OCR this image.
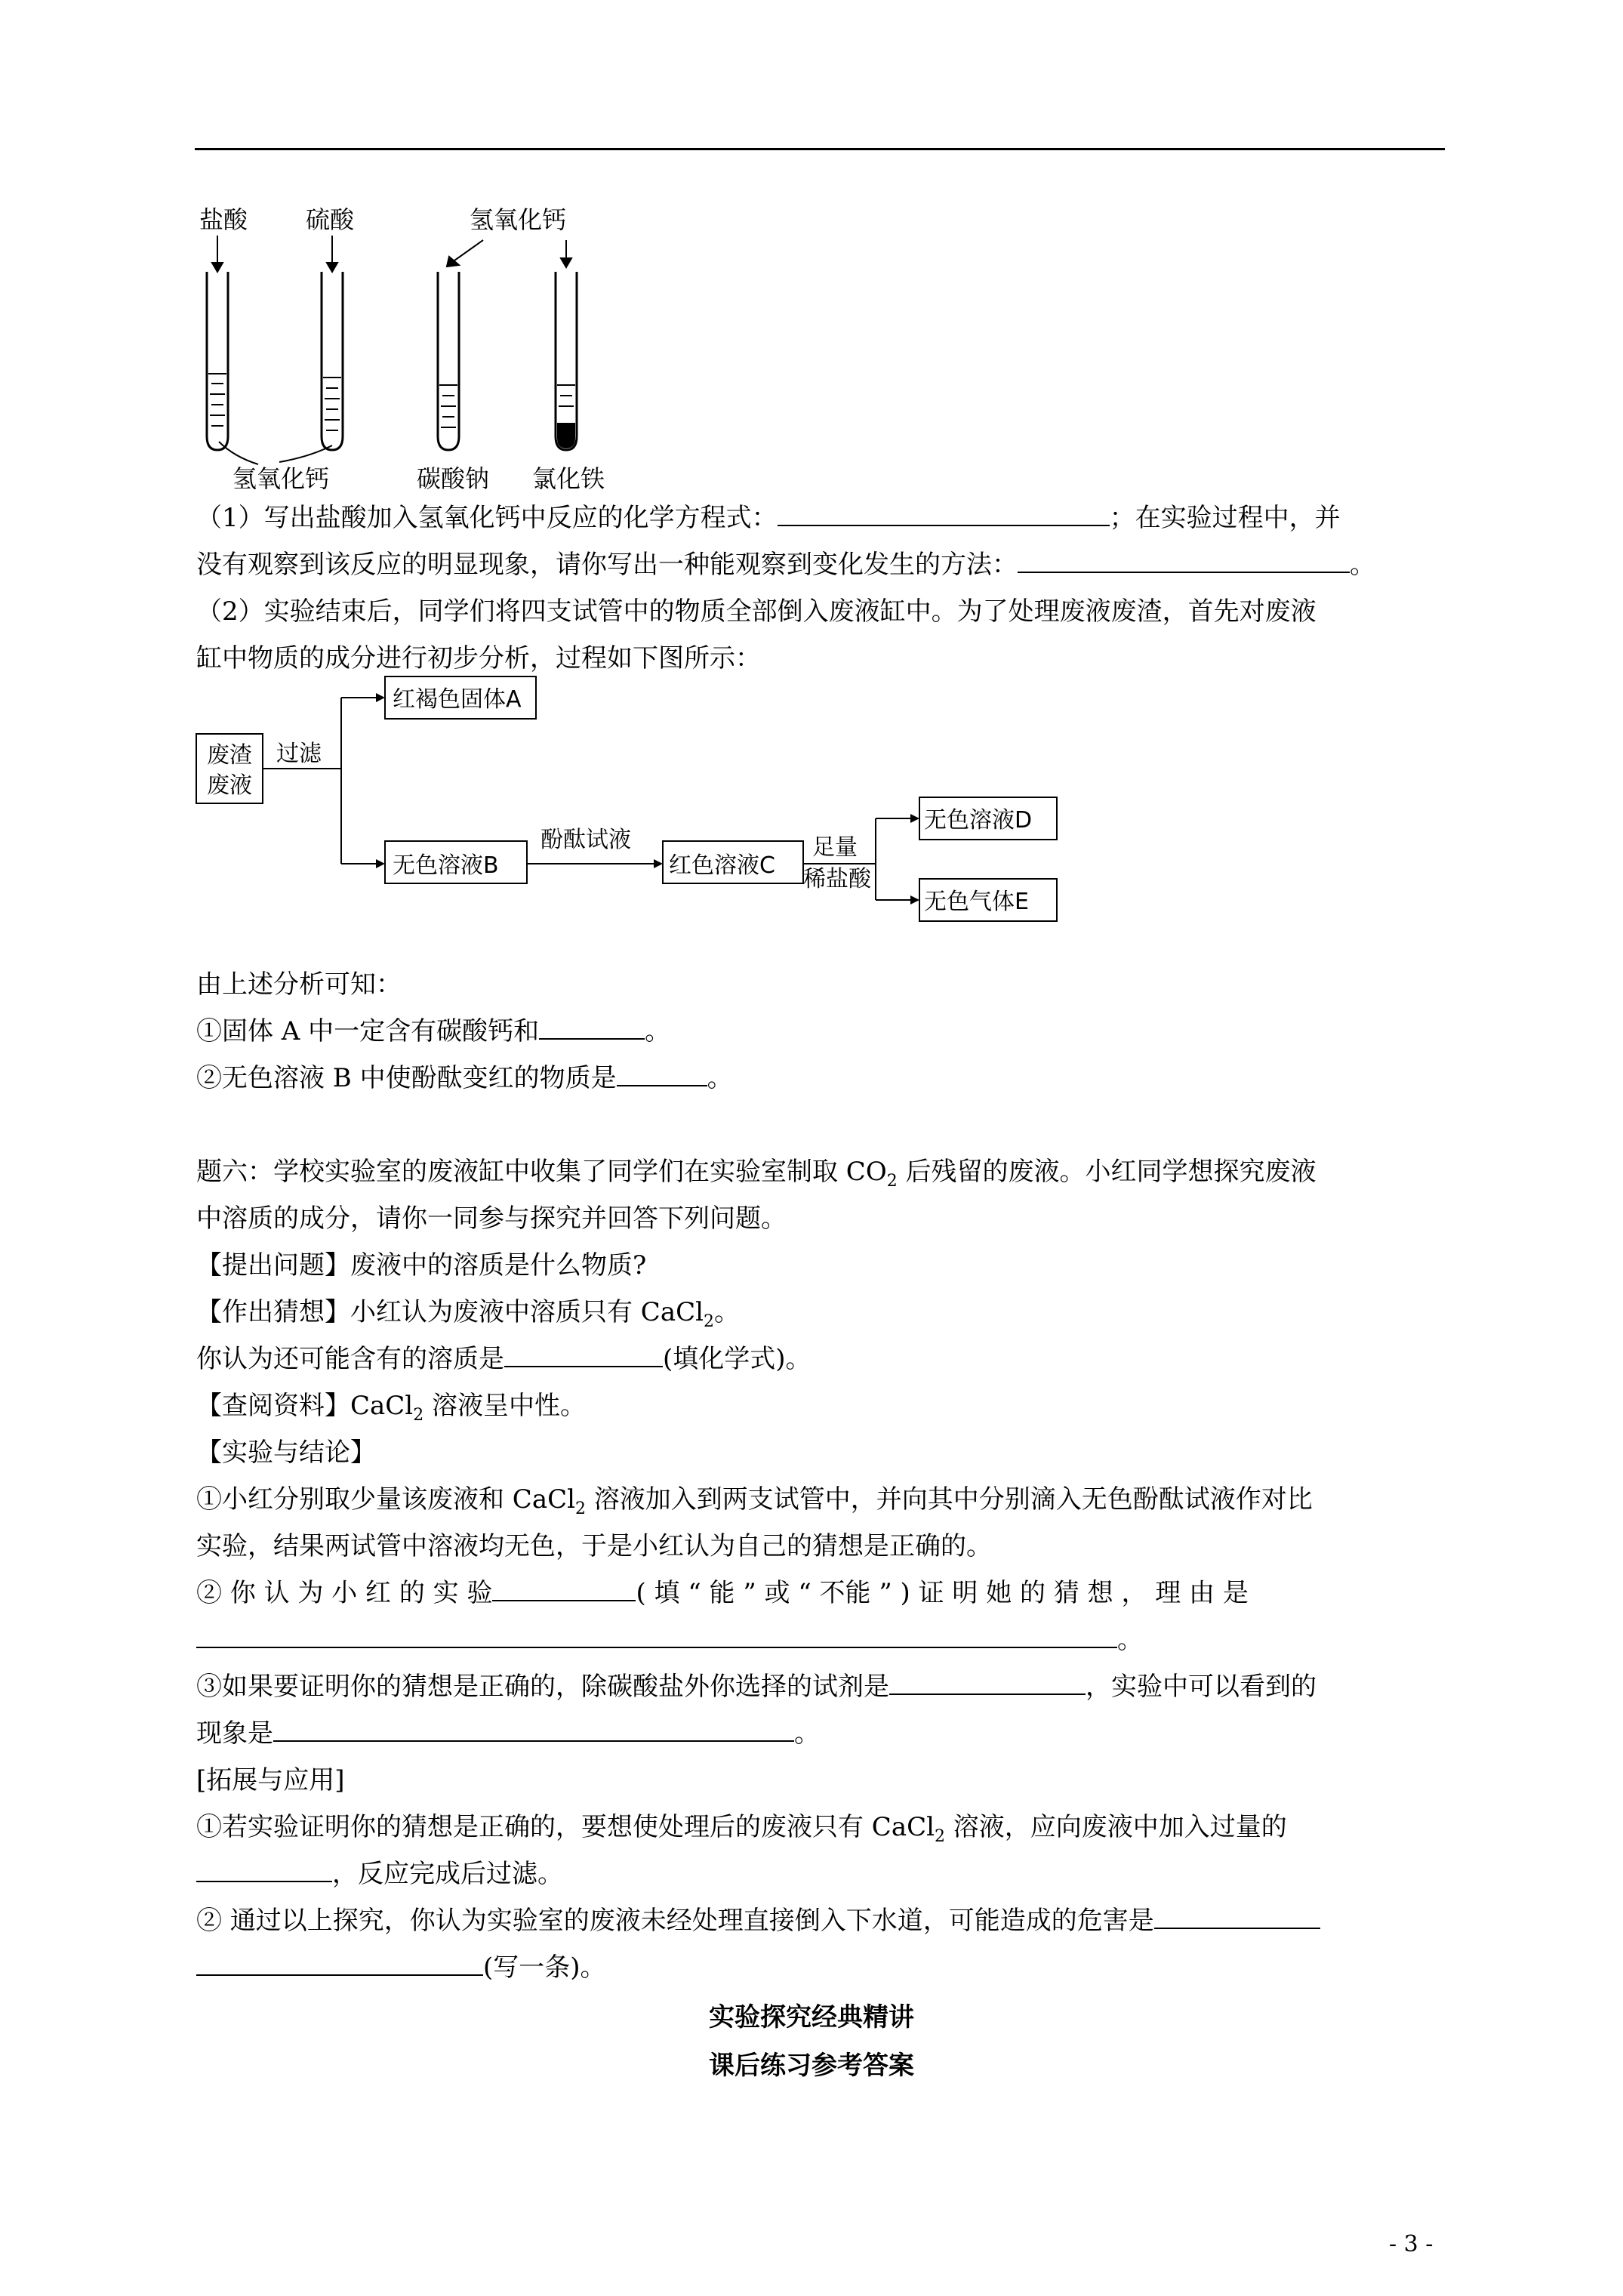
盐酸 硫酸	氢氧化钙
氢氧化钙	碳酸钠 氯化铁
废渣
废液
过滤
红褐色固体A
无色溶液B
酚酞试液
红色溶液C
足量
稀盐酸
无色溶液D
无色气体E

（1）写出盐酸加入氢氧化钙中反应的化学方程式：	；在实验过程中，并

没有观察到该反应的明显现象，请你写出一种能观察到变化发生的方法：	。

（2）实验结束后，同学们将四支试管中的物质全部倒入废液缸中。为了处理废液废渣，首先对废液

缸中物质的成分进行初步分析，过程如下图所示：

由上述分析可知：

①固体 A 中一定含有碳酸钙和	。

②无色溶液 B 中使酚酞变红的物质是	。

题六：学校实验室的废液缸中收集了同学们在实验室制取 $CO_2$ 后残留的废液。小红同学想探究废液

中溶质的成分，请你一同参与探究并回答下列问题。

【提出问题】废液中的溶质是什么物质?

【作出猜想】小红认为废液中溶质只有 CaCl$_2$。

你认为还可能含有的溶质是	(填化学式)。

【查阅资料】CaCl$_2$ 溶液呈中性。

【实验与结论】

①小红分别取少量该废液和 CaCl$_2$ 溶液加入到两支试管中，并向其中分别滴入无色酚酞试液作对比

实验，结果两试管中溶液均无色，于是小红认为自己的猜想是正确的。

② 你 认 为 小 红 的 实 验	( 填 “ 能 ” 或 “ 不能 ” ) 证 明 她 的 猜 想 ， 理 由 是

。

③如果要证明你的猜想是正确的，除碳酸盐外你选择的试剂是	，实验中可以看到的

现象是	。

[拓展与应用]

①若实验证明你的猜想是正确的，要想使处理后的废液只有 CaCl$_2$ 溶液，应向废液中加入过量的

，反应完成后过滤。

② 通过以上探究，你认为实验室的废液未经处理直接倒入下水道，可能造成的危害是

(写一条)。

实验探究经典精讲
课后练习参考答案
- 3 -
